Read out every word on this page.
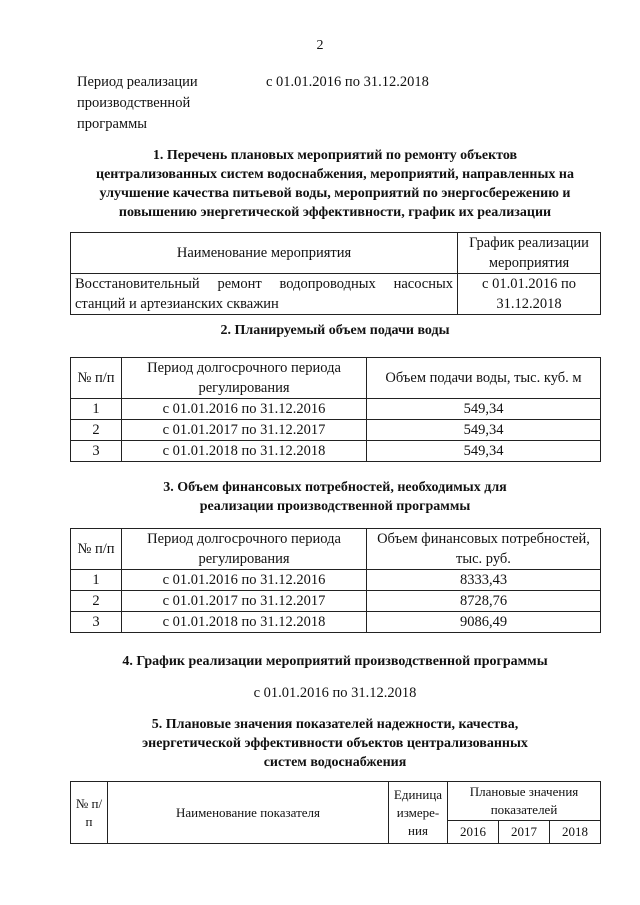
2
Период реализации
производственной
программы
с 01.01.2016 по 31.12.2018
1. Перечень плановых мероприятий по ремонту объектов
централизованных систем водоснабжения, мероприятий, направленных на
улучшение качества питьевой воды, мероприятий по энергосбережению и
повышению энергетической эффективности, график их реализации
Наименование мероприятия	График реализации мероприятия
Восстановительный ремонт водопроводных насосных станций и артезианских скважин	с 01.01.2016 по 31.12.2018
2. Планируемый объем подачи воды
№ п/п	Период долгосрочного периода регулирования	Объем подачи воды, тыс. куб. м
1	с 01.01.2016 по 31.12.2016	549,34
2	с 01.01.2017 по 31.12.2017	549,34
3	с 01.01.2018 по 31.12.2018	549,34
3. Объем финансовых потребностей, необходимых для
реализации производственной программы
№ п/п	Период долгосрочного периода регулирования	Объем финансовых потребностей, тыс. руб.
1	с 01.01.2016 по 31.12.2016	8333,43
2	с 01.01.2017 по 31.12.2017	8728,76
3	с 01.01.2018 по 31.12.2018	9086,49
4. График реализации мероприятий производственной программы
с 01.01.2016 по 31.12.2018
5. Плановые значения показателей надежности, качества,
энергетической эффективности объектов централизованных
систем водоснабжения
№ п/п	Наименование показателя	Единица измере- ния	Плановые значения показателей		
			2016	2017	2018
